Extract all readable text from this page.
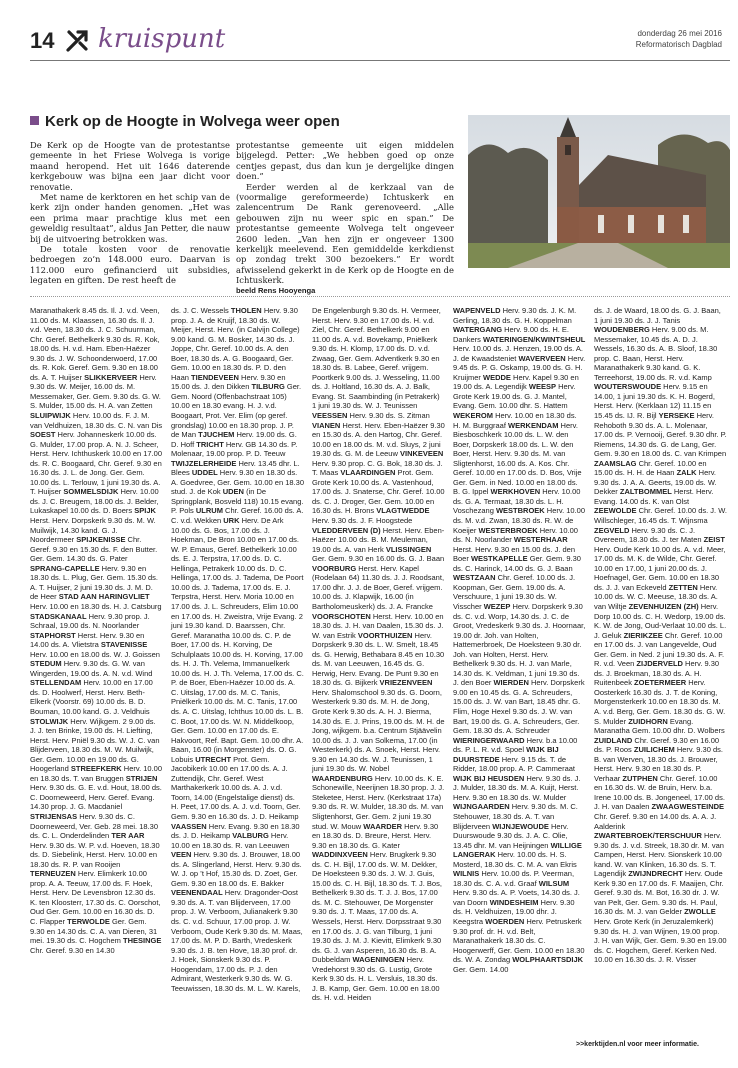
14 kruispunt	donderdag 26 mei 2016
Reformatorisch Dagblad
Kerk op de Hoogte in Wolvega weer open

De Kerk op de Hoogte van de protestantse gemeente in het Friese Wolvega is vorige maand heropend. Het uit 1646 daterende kerkgebouw was bijna een jaar dicht voor renovatie.

Met name de kerktoren en het schip van de kerk zijn onder handen genomen. „Het was een prima maar prachtige klus met een geweldig resultaat”, aldus Jan Petter, die nauw bij de uitvoering betrokken was.

De totale kosten voor de renovatie bedroegen zo’n 148.000 euro. Daarvan is 112.000 euro gefinancierd uit subsidies, legaten en giften. De rest heeft de

protestantse gemeente uit eigen middelen bijgelegd. Petter: „We hebben goed op onze centjes gepast, dus dan kun je dergelijke dingen doen.”

Eerder werden al de kerkzaal van de (voormalige gereformeerde) Ichtuskerk en zalencentrum De Rank gerenoveerd. „Alle gebouwen zijn nu weer spic en span.” De protestantse gemeente Wolvega telt ongeveer 2600 leden. „Van hen zijn er ongeveer 1300 kerkelijk meelevend. Een gemiddelde kerkdienst op zondag trekt 300 bezoekers.” Er wordt afwisselend gekerkt in de Kerk op de Hoogte en de Ichtuskerk.

beeld Rens Hooyenga

Maranathakerk 8.45 ds. Il. J. v.d. Veen, 11.00 ds. M. Klaassen, 16.30 ds. Il. J. v.d. Veen, 18.30 ds. J. C. Schuurman, Chr. Geref. Bethelkerk 9.30 ds. R. Kok, 18.00 ds. H. v.d. Ham. Eben-Haëzer 9.30 ds. J. W. Schoonderwoerd, 17.00 ds. R. Kok. Geref. Gem. 9.30 en 18.00 ds. A. T. Huijser SLIKKERVEER Herv. 9.30 ds. W. Meijer, 16.00 ds. M. Messemaker, Ger. Gem. 9.30 ds. G. W. S. Mulder, 15.00 ds. H. A. van Zetten SLUIPWIJK Herv. 10.00 ds. F. J. M. van Veldhuizen, 18.30 ds. C. N. van Dis SOEST Herv. Johanneskerk 10.00 ds. G. Mulder, 17.00 prop. A. N. J. Scheer, Herst. Herv. Ichthuskerk 10.00 en 17.00 ds. R. C. Boogaard, Chr. Geref. 9.30 en 16.30 ds. J. L. de Jong. Ger. Gem. 10.00 ds. L. Terlouw, 1 juni 19.30 ds. A. T. Huijser SOMMELSDIJK Herv. 10.00 ds. J. C. Breugem, 18.00 ds. J. Belder, Lukaskapel 10.00 ds. D. Boers SPIJK Herst. Herv. Dorpskerk 9.30 ds. M. W. Muilwijk, 14.30 kand. G. J. Noordermeer SPIJKENISSE Chr. Geref. 9.30 en 15.30 ds. F. den Butter. Ger. Gem. 14.30 ds. G. Pater SPRANG-CAPELLE Herv. 9.30 en 18.30 ds. L. Plug, Ger. Gem. 15.30 ds. A. T. Huijser, 2 juni 19.30 ds. J. M. D. de Heer STAD AAN HARINGVLIET Herv. 10.00 en 18.30 ds. H. J. Catsburg STADSKANAAL Herv. 9.30 prop. J. Schraal, 19.00 ds. N. Noorlander STAPHORST Herst. Herv. 9.30 en 14.00 ds. A. Vlietstra STAVENISSE Herv. 10.00 en 18.00 ds. W. J. Goissen STEDUM Herv. 9.30 ds. G. W. van Wingerden, 19.00 ds. A. N. v.d. Wind STELLENDAM Herv. 10.00 en 17.00 ds. D. Hoolwerf, Herst. Herv. Beth-Elkerk (Voorstr. 69) 10.00 ds. B. D. Bouman, 10.00 kand. G. J. Veldhuis STOLWIJK Herv. Wijkgem. 2 9.00 ds. J. J. ten Brinke, 19.00 ds. H. Liefting, Herst. Herv. Pniël 9.30 ds. W. J. C. van Blijderveen, 18.30 ds. M. W. Muilwijk, Ger. Gem. 10.00 en 19.00 ds. G. Hoogerland STREEFKERK Herv. 10.00 en 18.30 ds. T. van Bruggen STRIJEN Herv. 9.30 ds. G. E. v.d. Hout, 18.00 ds. C. Doorneweerd, Herv. Geref. Evang. 14.30 prop. J. G. Macdaniel STRIJENSAS Herv. 9.30 ds. C. Doorneweerd, Ver. Geb. 28 mei. 18.30 ds. C. L. Onderdelinden TER AAR Herv. 9.30 ds. W. P. v.d. Hoeven, 18.30 ds. D. Siebelink, Herst. Herv. 10.00 en 18.30 ds. R. P. van Rooijen TERNEUZEN Herv. Elimkerk 10.00 prop. A. A. Teeuw, 17.00 ds. F. Hoek, Herst. Herv. De Levensbron 12.30 ds. K. ten Kloosterr, 17.30 ds. C. Oorschot, Oud Ger. Gem. 10.00 en 16.30 ds. D. C. Flapper TERWOLDE Ger. Gem. 9.30 en 14.30 ds. C. A. van Dieren, 31 mei. 19.30 ds. C. Hogchem THESINGE Chr. Geref. 9.30 en 14.30
ds. J. C. Wessels THOLEN Herv. 9.30 prop. J. A. de Kruijf, 18.30 ds. W. Meijer, Herst. Herv. (in Calvijn College) 9.00 kand. G. M. Bosker, 14.30 ds. J. Joppe, Chr. Geref. 10.00 ds. A. den Boer, 18.30 ds. A. G. Boogaard, Ger. Gem. 10.00 en 18.30 ds. P. D. den Haan TIENDEVEEN Herv. 9.30 en 15.00 ds. J. den Dikken TILBURG Ger. Gem. Noord (Offenbachstraat 105) 10.00 en 18.30 evang. H. J. v.d. Boogaart, Prot. Ver. Elim (op geref. grondslag) 10.00 en 18.30 prop. J. P. de Man TJUCHEM Herv. 19.00 ds. G. D. Hoff TRICHT Herv. GB 14.30 ds. P. Molenaar, 19.00 prop. P. D. Teeuw TWIJZELERHEIDE Herv. 13.45 dhr. L. Blees UDDEL Herv. 9.30 en 18.30 ds. A. Goedvree, Ger. Gem. 10.00 en 18.30 stud. J. de Kok UDEN (in De Springplank, Bosveld 118) 10.15 evang. P. Pols ULRUM Chr. Geref. 16.00 ds. A. C. v.d. Wekken URK Herv. De Ark 10.00 ds. G. Bos, 17.00 ds. J. Hoekman, De Bron 10.00 en 17.00 ds. W. P. Emaus, Geref. Bethelkerk 10.00 ds. E. J. Terpstra, 17.00 ds. D. C. Hellinga, Petrakerk 10.00 ds. D. C. Hellinga, 17.00 ds. J. Tadema, De Poort 10.00 ds. J. Tadema, 17.00 ds. E. J. Terpstra, Herst. Herv. Moria 10.00 en 17.00 ds. J. L. Schreuders, Elim 10.00 en 17.00 ds. H. Zweistra, Vrije Evang. 2 juni 19.30 kand. D. Baarssen, Chr. Geref. Maranatha 10.00 ds. C. P. de Boer, 17.00 ds. H. Korving, De Schulplaats 10.00 ds. H. Korving, 17.00 ds. H. J. Th. Velema, Immanuelkerk 10.00 ds. H. J. Th. Velema, 17.00 ds. C. P. de Boer, Eben-Haëzer 10.00 ds. A. C. Uitslag, 17.00 ds. M. C. Tanis, Pniëlkerk 10.00 ds. M. C. Tanis, 17.00 ds. A. C. Uitslag, Ichthus 10.00 ds. L. B. C. Boot, 17.00 ds. W. N. Middelkoop, Ger. Gem. 10.00 en 17.00 ds. E. Hakvoort, Ref. Bapt. Gem. 10.00 dhr. A. Baan, 16.00 (in Morgenster) ds. O. G. Lobuis UTRECHT Prot. Gem. Jacobikerk 10.00 en 17.00 ds. A. J. Zuttendijk, Chr. Geref. West Marthakerkerk 10.00 ds. A. J. v.d. Toorn, 14.00 (Engelstalige dienst) ds. H. Peet, 17.00 ds. A. J. v.d. Toorn, Ger. Gem. 9.30 en 16.30 ds. J. D. Heikamp VAASSEN Herv. Evang. 9.30 en 18.30 ds. J. D. Heikamp VALBURG Herv. 10.00 en 18.30 ds. R. van Leeuwen VEEN Herv. 9.30 ds. J. Brouwer, 18.00 ds. A. Slingerland, Herst. Herv. 9.30 ds. W. J. op ’t Hof, 15.30 ds. D. Zoet, Ger. Gem. 9.30 en 18.00 ds. E. Bakker VEENENDAAL Herv. Dragonder-Oost 9.30 ds. A. T. van Blijderveen, 17.00 prop. J. W. Verboom, Julianakerk 9.30 ds. C. v.d. Schuur, 17.00 prop. J. W. Verboom, Oude Kerk 9.30 ds. M. Maas, 17.00 ds. M. P. D. Barth, Vredeskerk 9.30 ds. J. B. ten Hove, 18.30 prof. dr. J. Hoek, Sionskerk 9.30 ds. P. Hoogendam, 17.00 ds. P. J. den Admirant, Westerkerk 9.30 ds. W. G. Teeuwissen, 18.30 ds. M. L. W. Karels,
De Engelenburgh 9.30 ds. H. Vermeer, Herst. Herv. 9.30 en 17.00 ds. H. v.d. Ziel, Chr. Geref. Bethelkerk 9.00 en 11.00 ds. A. v.d. Bovekamp, Pniëlkerk 9.30 ds. H. Klomp, 17.00 ds. D. v.d. Zwaag, Ger. Gem. Adventkerk 9.30 en 18.30 ds. B. Labee, Geref. vrijgem. Poortkerk 9.00 ds. J. Wesseling, 11.00 ds. J. Holtland, 16.30 ds. A. J. Balk, Evang. St. Saambinding (in Petrakerk) 1 juni 19.30 ds. W. J. Teunissen VEESSEN Herv. 9.30 ds. S. Zitman VIANEN Herst. Herv. Eben-Haëzer 9.30 en 15.30 ds. A. den Hartog, Chr. Geref. 10.00 en 18.00 ds. M. v.d. Sluys, 2 juni 19.30 ds. G. M. de Leeuw VINKEVEEN Herv. 9.30 prop. C. G. Bok, 18.30 ds. J. T. Maas VLAARDINGEN Prot. Gem. Grote Kerk 10.00 ds. A. Vastenhoud, 17.00 ds. J. Snaterse, Chr. Geref. 10.00 ds. C. J. Droger, Ger. Gem. 10.00 en 16.30 ds. H. Brons VLAGTWEDDE Herv. 9.30 ds. J. F. Hoogstede VLEDDERVEEN (D) Herst. Herv. Eben-Haëzer 10.00 ds. B. M. Meuleman, 19.00 ds. A. van Herk VLISSINGEN Ger. Gem. 9.30 en 16.00 ds. G. J. Baan VOORBURG Herst. Herv. Kapel (Rodelaan 64) 11.30 ds. J. J. Roodsant, 17.00 dhr. J. J. de Boer, Geref. vrijgem. 10.00 ds. J. Klapwijk, 16.00 (in Bartholomeuskerk) ds. J. A. Francke VOORSCHOTEN Herst. Herv. 10.00 en 18.30 ds. J. H. van Daalen, 15.30 ds. J. W. van Estrik VOORTHUIZEN Herv. Dorpskerk 9.30 ds. L. W. Smelt, 18.45 ds. G. Herwig, Bethabara 8.45 en 10.30 ds. M. van Leeuwen, 16.45 ds. G. Herwig, Herv. Evang. De Punt 9.30 en 18.30 ds. G. Bijkerk VRIEZENVEEN Herv. Shalomschool 9.30 ds. G. Doorn, Westerkerk 9.30 ds. M. H. de Jong, Grote Kerk 9.30 ds. A. H. J. Bierma, 14.30 ds. E. J. Prins, 19.00 ds. M. H. de Jong, wijkgem. b.a. Centrum Stjäävelin 10.00 ds. J. J. van Solkema, 17.00 (in Westerkerk) ds. A. Snoek, Herst. Herv. 9.30 en 14.30 ds. W. J. Teunissen, 1 juni 19.30 ds. W. Nobel WAARDENBURG Herv. 10.00 ds. K. E. Schonewille, Neerijnen 18.30 prop. J. J. Steketee, Herst. Herv. (Kerkstraat 17a) 9.30 ds. R. W. Mulder, 18.30 ds. M. van Sligtenhorst, Ger. Gem. 2 juni 19.30 stud. W. Mouw WAARDER Herv. 9.30 en 18.30 ds. D. Breure, Herst. Herv. 9.30 en 18.30 ds. G. Kater WADDINXVEEN Herv. Brugkerk 9.30 ds. C. H. Bijl, 17.00 ds. W. M. Dekker, De Hoeksteen 9.30 ds. J. W. J. Guis, 15.00 ds. C. H. Bijl, 18.30 ds. T. J. Bos, Bethelkerk 9.30 ds. T. J. J. Bos, 17.00 ds. M. C. Stehouwer, De Morgenster 9.30 ds. J. T. Maas, 17.00 ds. A. Wessels, Herst. Herv. Dorpsstraat 9.30 en 17.00 ds. J. G. van Tilburg, 1 juni 19.30 ds. J. M. J. Kievitt, Elimkerk 9.30 ds. G. J. van Asperen, 16.30 ds. B. A. Dubbeldam WAGENINGEN Herv. Vredehorst 9.30 ds. G. Lustig, Grote Kerk 9.30 ds. H. L. Versluis, 18.30 ds. J. B. Kamp, Ger. Gem. 10.00 en 18.00 ds. H. v.d. Heiden
WAPENVELD Herv. 9.30 ds. J. K. M. Gerling, 18.30 ds. G. H. Koppelman WATERGANG Herv. 9.00 ds. H. E. Dankers WATERINGEN/KWINTSHEUL Herv. 10.00 ds. J. Henzen, 19.00 ds. A. J. de Kwaadsteniet WAVERVEEN Herv. 9.45 ds. P. G. Oskamp, 19.00 ds. G. H. Kruijmer WEDDE Herv. Kapel 9.30 en 19.00 ds. A. Legendijk WEESP Herv. Grote Kerk 19.00 ds. G. J. Mantel, Evang. Gem. 10.00 dhr. S. Hattem WEKEROM Herv. 10.00 en 18.30 ds. H. M. Burggraaf WERKENDAM Herv. Biesboschkerk 10.00 ds. L. W. den Boer, Dorpskerk 18.00 ds. L. W. den Boer, Herst. Herv. 9.30 ds. M. van Sligtenhorst, 16.00 ds. A. Kos. Chr. Geref. 10.00 en 17.00 ds. D. Bos, Vrije Ger. Gem. in Ned. 10.00 en 18.00 ds. B. G. Ippel WERKHOVEN Herv. 10.00 ds. G. A. Termaat, 18.30 ds. L. H. Voschezang WESTBROEK Herv. 10.00 ds. M. v.d. Zwan, 18.30 ds. R. W. de Koeijer WESTERBROEK Herv. 10.00 ds. N. Noorlander WESTERHAAR Herst. Herv. 9.30 en 15.00 ds. J. den Boer WESTKAPELLE Ger. Gem. 9.30 ds. C. Harinck, 14.00 ds. G. J. Baan WESTZAAN Chr. Geref. 10.00 ds. J. Koopman, Ger. Gem. 19.00 ds. A. Verschuure, 1 juni 19.30 ds. W. Visscher WEZEP Herv. Dorpskerk 9.30 ds. C. v.d. Worp, 14.30 ds. J. C. de Groot, Vredeskerk 9.30 ds. J. Hoornaar, 19.00 dr. Joh. van Holten, Hattemerbroek, De Hoeksteen 9.30 dr. Joh. van Holten, Herst. Herv. Bethelkerk 9.30 ds. H. J. van Marle, 14.30 ds. K. Veldman, 1 juni 19.30 ds. J. den Boer WIERDEN Herv. Dorpskerk 9.00 en 10.45 ds. G. A. Schreuders, 15.00 ds. J. W. van Bart, 18.45 dhr. G. Flim, Hoge Hexel 9.30 ds. J. W. van Bart, 19.00 ds. G. A. Schreuders, Ger. Gem. 18.30 ds. A. Schreuder WIERINGERWAARD Herv. b.a 10.00 ds. P. L. R. v.d. Spoel WIJK BIJ DUURSTEDE Herv. 9.15 ds. T. de Ridder, 18.00 prop. A. P. Cammeraat WIJK BIJ HEUSDEN Herv. 9.30 ds. J. J. Mulder, 18.30 ds. M. A. Kuijt, Herst. Herv. 9.30 en 18.30 ds. W. Mulder WIJNGAARDEN Herv. 9.30 ds. M. C. Stehouwer, 18.30 ds. A. T. van Blijderveen WIJNJEWOUDE Herv. Duurswoude 9.30 ds. J. A. C. Olie, 13.45 dhr. M. van Heijningen WILLIGE LANGERAK Herv. 10.00 ds. H. S. Mosterd, 18.30 ds. C. M. A. van Ekris WILNIS Herv. 10.00 ds. P. Veerman, 18.30 ds. C. A. v.d. Graaf WILSUM Herv. 9.30 ds. A. P. Voets, 14.30 ds. J. van Doorn WINDESHEIM Herv. 9.30 ds. H. Veldhuizen, 19.00 dhr. J. Keegstra WOERDEN Herv. Petruskerk 9.30 prof. dr. H. v.d. Belt, Maranathakerk 18.30 ds. C. Hoogerwerff, Ger. Gem. 10.00 en 18.30 ds. W. A. Zondag WOLPHAARTSDIJK Ger. Gem. 14.00
ds. J. de Waard, 18.00 ds. G. J. Baan, 1 juni 19.30 ds. J. J. Tanis WOUDENBERG Herv. 9.00 ds. M. Messemaker, 10.45 ds. A. D. J. Wessels, 16.30 ds. A. B. Sloof, 18.30 prop. C. Baan, Herst. Herv. Maranathakerk 9.30 kand. G. K. Terreehorst, 19.00 ds. R. v.d. Kamp WOUTERSWOUDE Herv. 9.15 en 14.00, 1 juni 19.30 ds. K. H. Bogerd, Herst. Herv. (Kerklaan 12) 11.15 en 15.45 ds. IJ. R. Bijl YERSEKE Herv. Rehoboth 9.30 ds. A. L. Molenaar, 17.00 ds. P. Vernooij, Geref. 9.30 dhr. P. Riemens, 14.30 ds. G. de Lang, Ger. Gem. 9.30 en 18.00 ds. C. van Krimpen ZAAMSLAG Chr. Geref. 10.00 en 15.00 ds. H. H. de Haan ZALK Herv. 9.30 ds. J. A. A. Geerts, 19.00 ds. W. Dekker ZALTBOMMEL Herst. Herv. Evang. 14.00 ds. K. van Olst ZEEWOLDE Chr. Geref. 10.00 ds. J. W. Willschleger, 16.45 ds. T. Wijnsma ZEGVELD Herv. 9.30 ds. C. J. Overeem, 18.30 ds. J. ter Maten ZEIST Herv. Oude Kerk 10.00 ds. A. v.d. Meer, 17.00 ds. M. K. de Wilde, Chr. Geref. 10.00 en 17.00, 1 juni 20.00 ds. J. Hoefnagel, Ger. Gem. 10.00 en 18.30 ds. J. J. van Eckeveld ZETTEN Herv. 10.00 ds. W. C. Meeuse, 18.30 ds. A. van Wiltje ZEVENHUIZEN (ZH) Herv. Dorp 10.00 ds. C. H. Wedorp, 19.00 ds. K. W. de Jong, Oud-Verlaat 10.00 ds. L. J. Geluk ZIERIKZEE Chr. Geref. 10.00 en 17.00 ds. J. van Langevelde, Oud Ger. Gem. in Ned. 2 juni 19.30 ds. A. F. R. v.d. Veen ZIJDERVELD Herv. 9.30 ds. J. Broekman, 18.30 ds. A. H. Ruitenbeek ZOETERMEER Herv. Oosterkerk 16.30 ds. J. T. de Koning, Morgensterkerk 10.00 en 18.30 ds. M. A. v.d. Berg, Ger. Gem. 18.30 ds. G. W. S. Mulder ZUIDHORN Evang. Maranatha Gem. 10.00 dhr. D. Wolbers ZUIDLAND Chr. Geref. 9.30 en 16.00 ds. P. Roos ZUILICHEM Herv. 9.30 ds. B. van Werven, 18.30 ds. J. Brouwer, Herst. Herv. 9.30 en 18.30 ds. P. Verhaar ZUTPHEN Chr. Geref. 10.00 en 16.30 ds. W. de Bruin, Herv. b.a. Irene 10.00 ds. B. Jongeneel, 17.00 ds. J. H. van Daalen ZWAAGWESTEINDE Chr. Geref. 9.30 en 14.00 ds. A. A. J. Aalderink ZWARTEBROEK/TERSCHUUR Herv. 9.30 ds. J. v.d. Streek, 18.30 dr. M. van Campen, Herst. Herv. Sionskerk 10.00 kand. W. van Klinken, 16.30 ds. S. T. Lagendijk ZWIJNDRECHT Herv. Oude Kerk 9.30 en 17.00 ds. F. Maaijen, Chr. Geref. 9.30 ds. M. Bot, 16.30 dr. J. W. van Pelt, Ger. Gem. 9.30 ds. H. Paul, 16.30 ds. M. J. van Gelder ZWOLLE Herv. Grote Kerk (in Jeruzalemkerk) 9.30 ds. H. J. van Wijnen, 19.00 prop. J. H. van Wijk, Ger. Gem. 9.30 en 19.00 ds. C. Hogchem, Geref. Kerken Ned. 10.00 en 16.30 ds. J. R. Visser
>>kerktijden.nl voor meer informatie.
